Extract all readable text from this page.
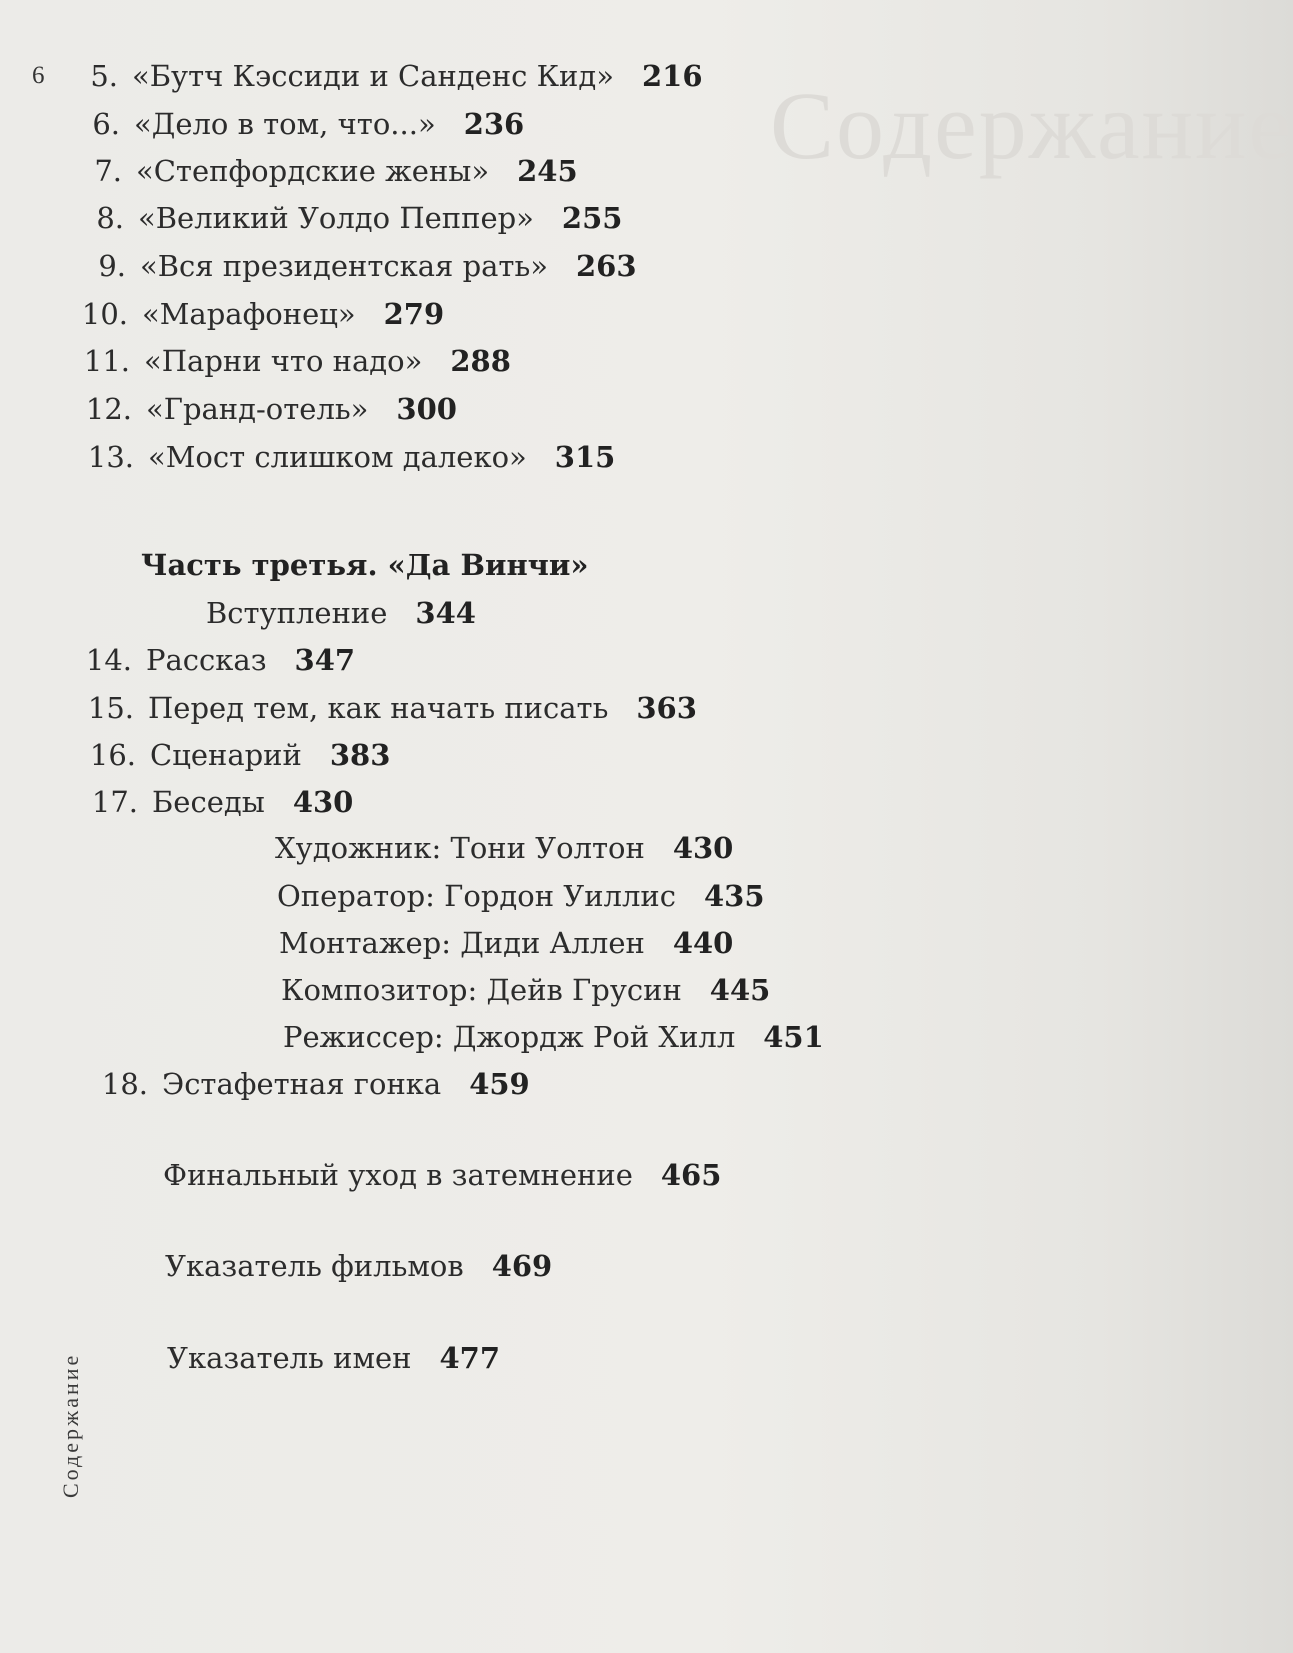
Содержание
6
Содержание
5. «Бутч Кэссиди и Санденс Кид» 216
6. «Дело в том, что...» 236
7. «Степфордские жены» 245
8. «Великий Уолдо Пеппер» 255
9. «Вся президентская рать» 263
10. «Марафонец» 279
11. «Парни что надо» 288
12. «Гранд-отель» 300
13. «Мост слишком далеко» 315
Часть третья. «Да Винчи»
Вступление 344
14. Рассказ 347
15. Перед тем, как начать писать 363
16. Сценарий 383
17. Беседы 430
Художник: Тони Уолтон 430
Оператор: Гордон Уиллис 435
Монтажер: Диди Аллен 440
Композитор: Дейв Грусин 445
Режиссер: Джордж Рой Хилл 451
18. Эстафетная гонка 459
Финальный уход в затемнение 465
Указатель фильмов 469
Указатель имен 477
